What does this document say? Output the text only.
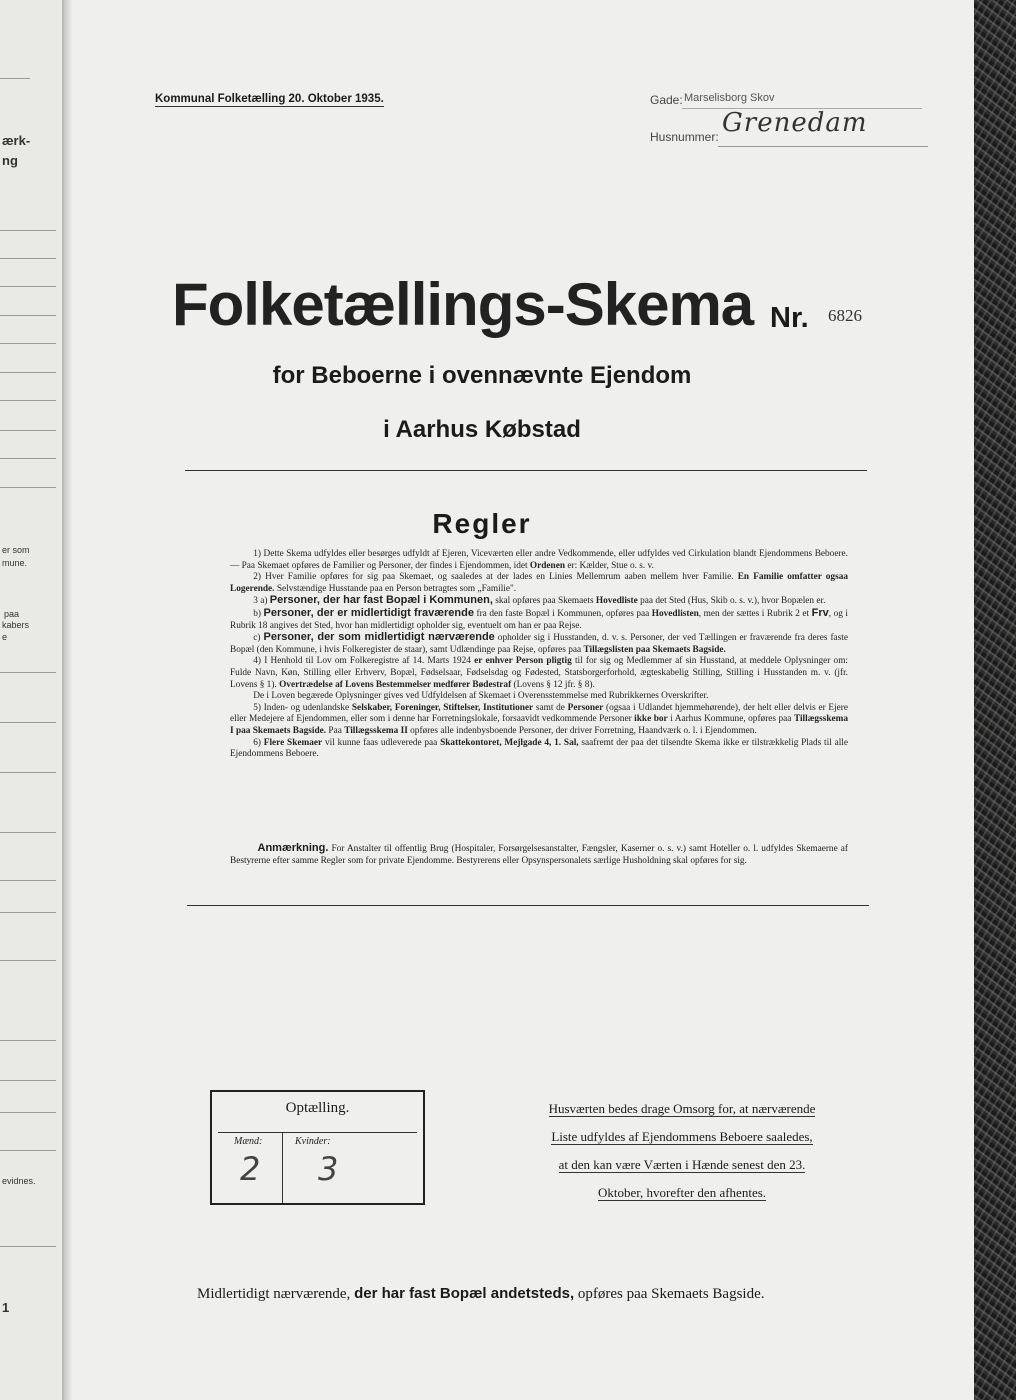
ærk-
ng
er som
mune.
paa
kabers
e
evidnes.
1
Kommunal Folketælling 20. Oktober 1935.	Gade: Marselisborg Skov
Husnummer: Grenedam
Folketællings-Skema Nr. 6826
for Beboerne i ovennævnte Ejendom
i Aarhus Købstad
Regler

1) Dette Skema udfyldes eller besørges udfyldt af Ejeren, Viceværten eller andre Vedkommende, eller udfyldes ved Cirkulation blandt Ejendommens Beboere. — Paa Skemaet opføres de Familier og Personer, der findes i Ejendommen, idet Ordenen er: Kælder, Stue o. s. v.

2) Hver Familie opføres for sig paa Skemaet, og saaledes at der lades en Linies Mellemrum aaben mellem hver Familie. En Familie omfatter ogsaa Logerende. Selvstændige Husstande paa en Person betragtes som „Familie".

3 a) Personer, der har fast Bopæl i Kommunen, skal opføres paa Skemaets Hovedliste paa det Sted (Hus, Skib o. s. v.), hvor Bopælen er.

b) Personer, der er midlertidigt fraværende fra den faste Bopæl i Kommunen, opføres paa Hovedlisten, men der sættes i Rubrik 2 et Frv, og i Rubrik 18 angives det Sted, hvor han midlertidigt opholder sig, eventuelt om han er paa Rejse.

c) Personer, der som midlertidigt nærværende opholder sig i Husstanden, d. v. s. Personer, der ved Tællingen er fraværende fra deres faste Bopæl (den Kommune, i hvis Folkeregister de staar), samt Udlændinge paa Rejse, opføres paa Tillægslisten paa Skemaets Bagside.

4) I Henhold til Lov om Folkeregistre af 14. Marts 1924 er enhver Person pligtig til for sig og Medlemmer af sin Husstand, at meddele Oplysninger om: Fulde Navn, Køn, Stilling eller Erhverv, Bopæl, Fødselsaar, Fødselsdag og Fødested, Statsborgerforhold, ægteskabelig Stilling, Stilling i Husstanden m. v. (jfr. Lovens § 1). Overtrædelse af Lovens Bestemmelser medfører Bødestraf (Lovens § 12 jfr. § 8).

De i Loven begærede Oplysninger gives ved Udfyldelsen af Skemaet i Overensstemmelse med Rubrikkernes Overskrifter.

5) Inden- og udenlandske Selskaber, Foreninger, Stiftelser, Institutioner samt de Personer (ogsaa i Udlandet hjemmehørende), der helt eller delvis er Ejere eller Medejere af Ejendommen, eller som i denne har Forretningslokale, forsaavidt vedkommende Personer ikke bor i Aarhus Kommune, opføres paa Tillægsskema I paa Skemaets Bagside. Paa Tillægsskema II opføres alle indenbysboende Personer, der driver Forretning, Haandværk o. l. i Ejendommen.

6) Flere Skemaer vil kunne faas udleverede paa Skattekontoret, Mejlgade 4, 1. Sal, saafremt der paa det tilsendte Skema ikke er tilstrækkelig Plads til alle Ejendommens Beboere.

Anmærkning. For Anstalter til offentlig Brug (Hospitaler, Forsørgelsesanstalter, Fængsler, Kaserner o. s. v.) samt Hoteller o. l. udfyldes Skemaerne af Bestyrerne efter samme Regler som for private Ejendomme. Bestyrerens eller Opsynspersonalets særlige Husholdning skal opføres for sig.
Optælling.
Mænd:	Kvinder:
2 3
Husværten bedes drage Omsorg for, at nærværende
Liste udfyldes af Ejendommens Beboere saaledes,
at den kan være Værten i Hænde senest den 23.
Oktober, hvorefter den afhentes.
Midlertidigt nærværende, der har fast Bopæl andetsteds, opføres paa Skemaets Bagside.
